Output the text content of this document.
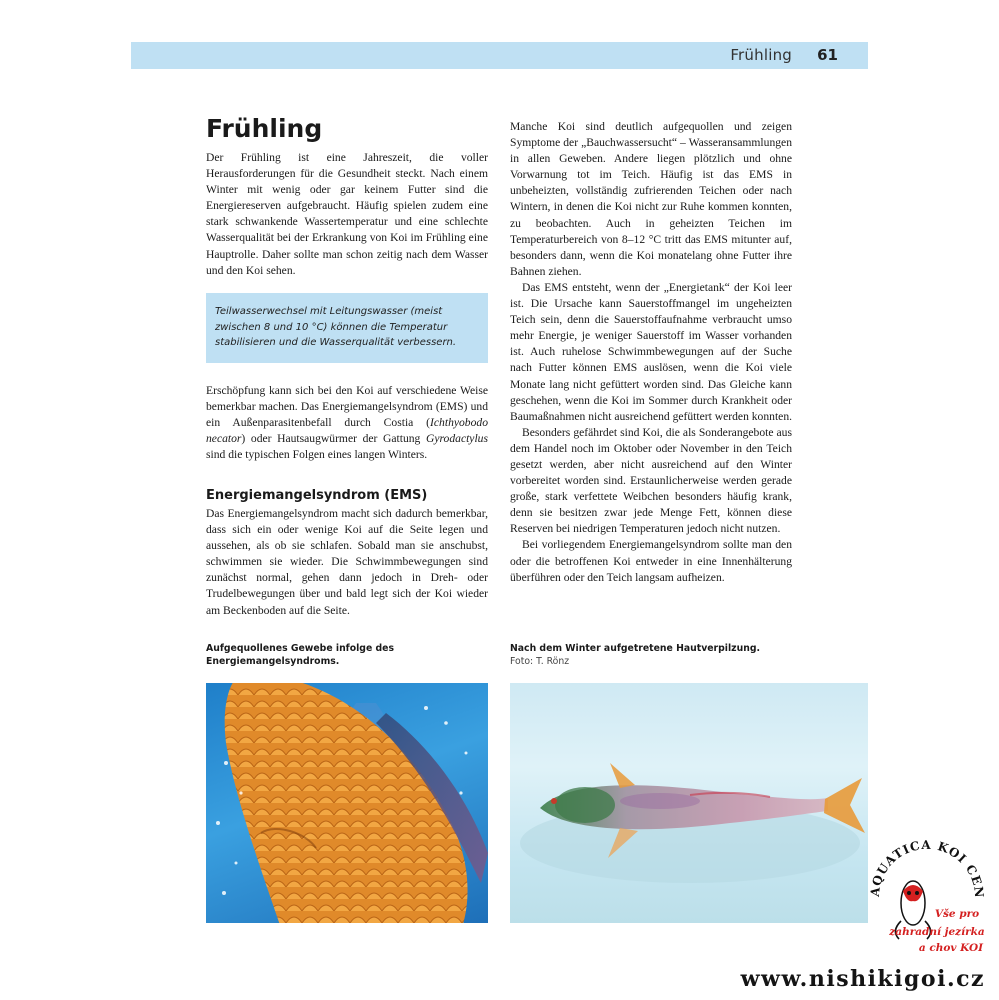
Frühling 61
Frühling

Der Frühling ist eine Jahreszeit, die voller Herausforderungen für die Gesundheit steckt. Nach einem Winter mit wenig oder gar keinem Futter sind die Energiereserven aufgebraucht. Häufig spielen zudem eine stark schwankende Wassertemperatur und eine schlechte Wasserqualität bei der Erkrankung von Koi im Frühling eine Hauptrolle. Daher sollte man schon zeitig nach dem Wasser und den Koi sehen.

Teilwasserwechsel mit Leitungswasser (meist zwischen 8 und 10 °C) können die Temperatur stabilisieren und die Wasserqualität verbessern.

Erschöpfung kann sich bei den Koi auf verschiedene Weise bemerkbar machen. Das Energiemangelsyndrom (EMS) und ein Außenparasitenbefall durch Costia (Ichthyobodo necator) oder Hautsaugwürmer der Gattung Gyrodactylus sind die typischen Folgen eines langen Winters.

Energiemangelsyndrom (EMS)

Das Energiemangelsyndrom macht sich dadurch bemerkbar, dass sich ein oder wenige Koi auf die Seite legen und aussehen, als ob sie schlafen. Sobald man sie anschubst, schwimmen sie wieder. Die Schwimmbewegungen sind zunächst normal, gehen dann jedoch in Dreh- oder Trudelbewegungen über und bald legt sich der Koi wieder am Beckenboden auf die Seite.

Manche Koi sind deutlich aufgequollen und zeigen Symptome der „Bauchwassersucht“ – Wasseransammlungen in allen Geweben. Andere liegen plötzlich und ohne Vorwarnung tot im Teich. Häufig ist das EMS in unbeheizten, vollständig zufrierenden Teichen oder nach Wintern, in denen die Koi nicht zur Ruhe kommen konnten, zu beobachten. Auch in geheizten Teichen im Temperaturbereich von 8–12 °C tritt das EMS mitunter auf, besonders dann, wenn die Koi monatelang ohne Futter ihre Bahnen ziehen.

Das EMS entsteht, wenn der „Energietank“ der Koi leer ist. Die Ursache kann Sauerstoffmangel im ungeheizten Teich sein, denn die Sauerstoffaufnahme verbraucht umso mehr Energie, je weniger Sauerstoff im Wasser vorhanden ist. Auch ruhelose Schwimmbewegungen auf der Suche nach Futter können EMS auslösen, wenn die Koi viele Monate lang nicht gefüttert worden sind. Das Gleiche kann geschehen, wenn die Koi im Sommer durch Krankheit oder Baumaßnahmen nicht ausreichend gefüttert werden konnten.

Besonders gefährdet sind Koi, die als Sonderangebote aus dem Handel noch im Oktober oder November in den Teich gesetzt werden, aber nicht ausreichend auf den Winter vorbereitet worden sind. Erstaunlicherweise werden gerade große, stark verfettete Weibchen besonders häufig krank, denn sie besitzen zwar jede Menge Fett, können diese Reserven bei niedrigen Temperaturen jedoch nicht nutzen.

Bei vorliegendem Energiemangelsyndrom sollte man den oder die betroffenen Koi entweder in eine Innenhälterung überführen oder den Teich langsam aufheizen.

Aufgequollenes Gewebe infolge des Energiemangelsyndroms.
Nach dem Winter aufgetretene Hautverpilzung.
Foto: T. Rönz
AQUATICA KOI CEN
Vše pro
zahradní jezírka
a chov KOI
www.nishikigoi.cz
